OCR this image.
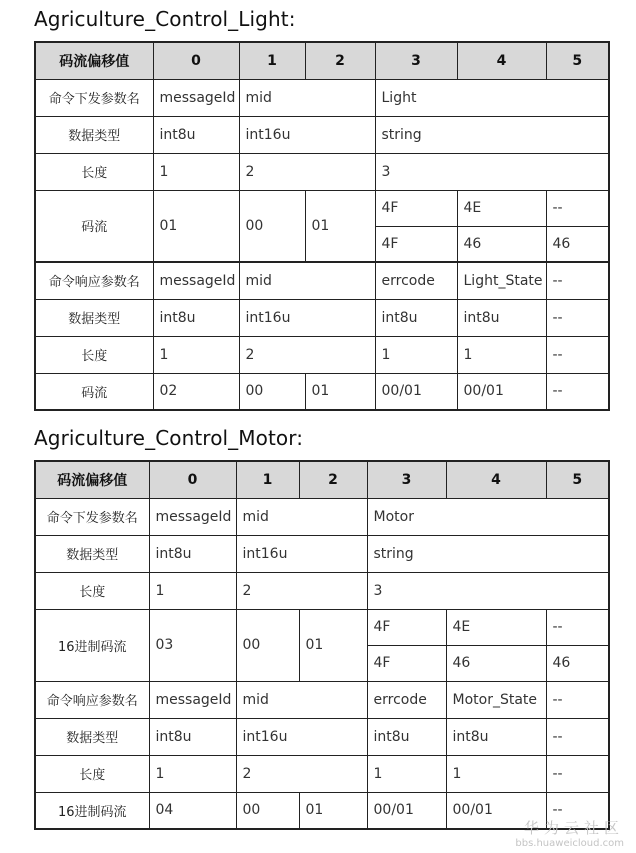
Agriculture_Control_Light:
码流偏移值	0	1	2	3	4	5
命令下发参数名	messageId	mid		Light		
数据类型	int8u	int16u		string		
长度	1	2		3		
码流	01	00	01	4F	4E	--
				4F	46	46
命令响应参数名	messageId	mid		errcode	Light_State	--
数据类型	int8u	int16u		int8u	int8u	--
长度	1	2		1	1	--
码流	02	00	01	00/01	00/01	--
Agriculture_Control_Motor:
码流偏移值	0	1	2	3	4	5
命令下发参数名	messageId	mid		Motor		
数据类型	int8u	int16u		string		
长度	1	2		3		
16进制码流	03	00	01	4F	4E	--
				4F	46	46
命令响应参数名	messageId	mid		errcode	Motor_State	--
数据类型	int8u	int16u		int8u	int8u	--
长度	1	2		1	1	--
16进制码流	04	00	01	00/01	00/01	--
华为云社区
bbs.huaweicloud.com
